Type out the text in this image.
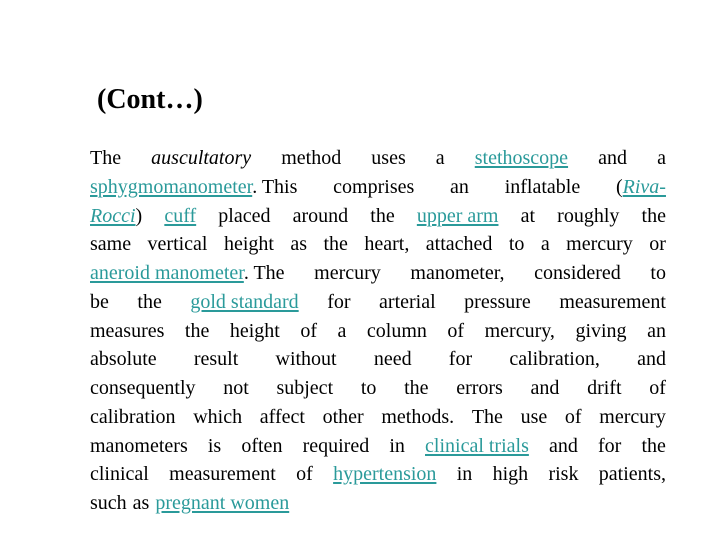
(Cont…)
The auscultatory method uses a stethoscope and a
sphygmomanometer. This comprises an inflatable (Riva-
Rocci) cuff placed around the upper arm at roughly the
same vertical height as the heart, attached to a mercury or
aneroid manometer. The mercury manometer, considered to
be the gold standard for arterial pressure measurement
measures the height of a column of mercury, giving an
absolute result without need for calibration, and
consequently not subject to the errors and drift of
calibration which affect other methods. The use of mercury
manometers is often required in clinical trials and for the
clinical measurement of hypertension in high risk patients,
such as pregnant women
